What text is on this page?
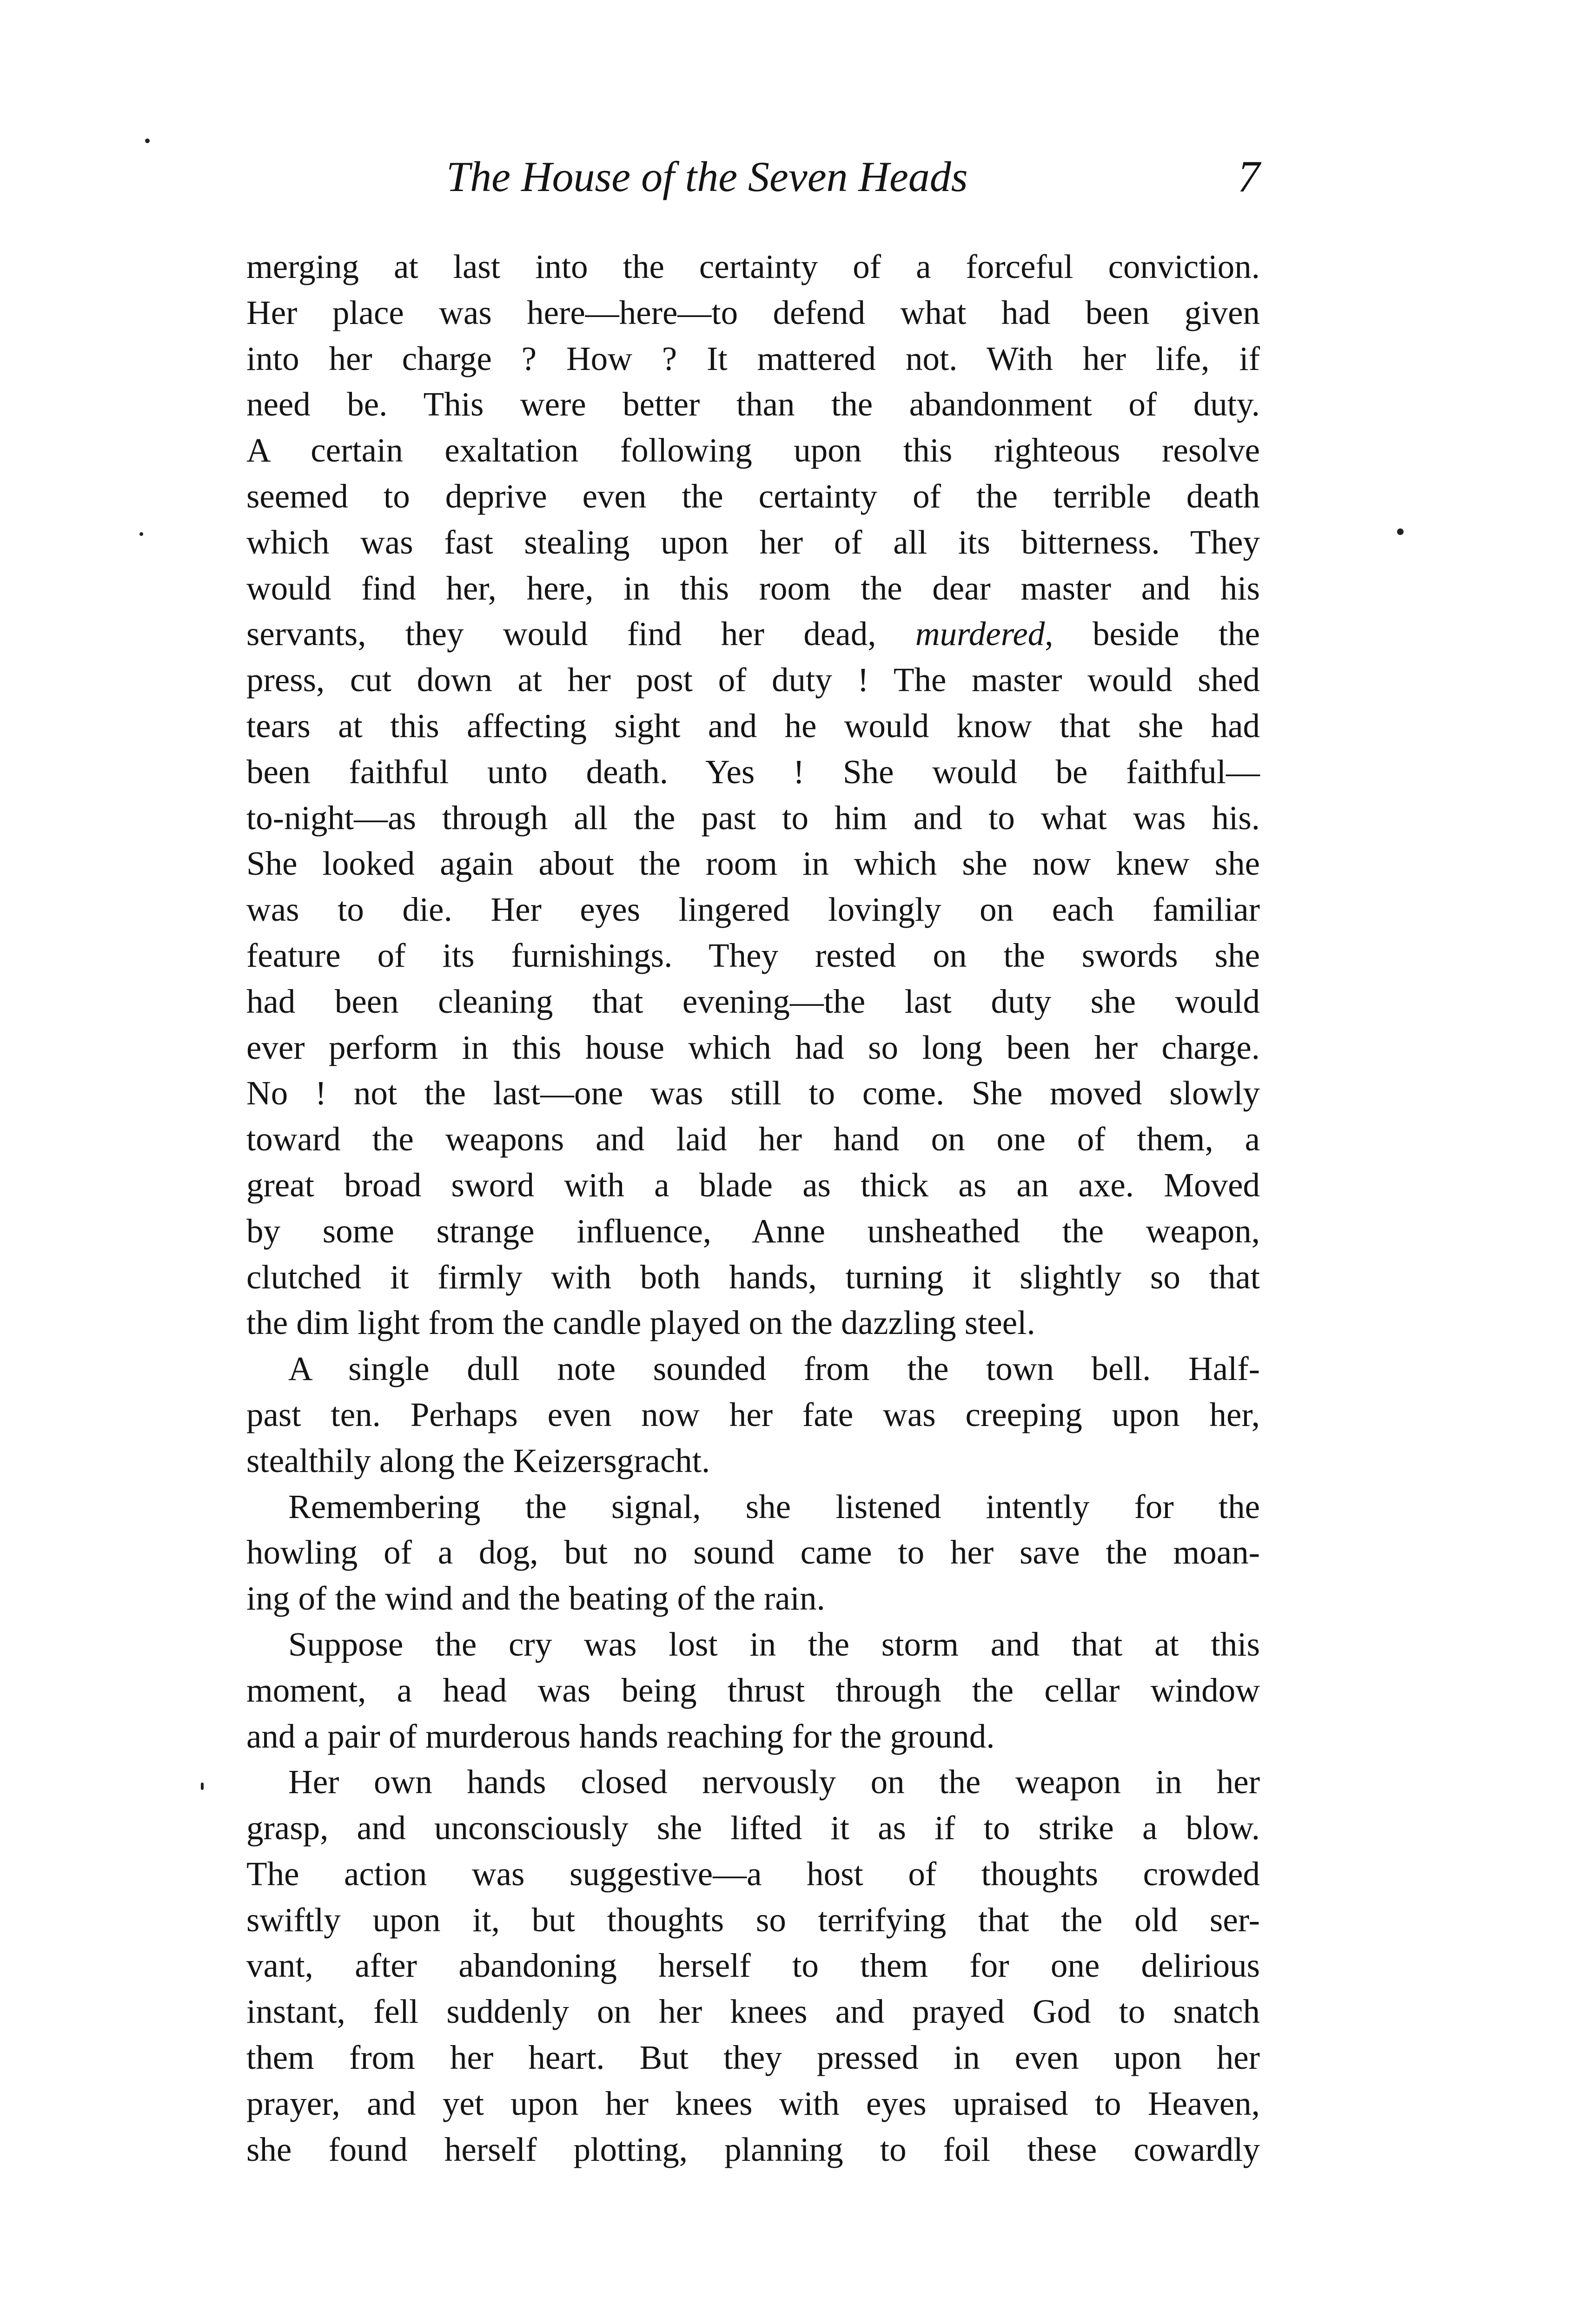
The House of the Seven Heads	7
merging at last into the certainty of a forceful conviction.
Her place was here—here—to defend what had been given
into her charge ? How ? It mattered not. With her life, if
need be. This were better than the abandonment of duty.
A certain exaltation following upon this righteous resolve
seemed to deprive even the certainty of the terrible death
which was fast stealing upon her of all its bitterness. They
would find her, here, in this room the dear master and his
servants, they would find her dead, murdered, beside the
press, cut down at her post of duty ! The master would shed
tears at this affecting sight and he would know that she had
been faithful unto death. Yes ! She would be faithful—
to-night—as through all the past to him and to what was his.
She looked again about the room in which she now knew she
was to die. Her eyes lingered lovingly on each familiar
feature of its furnishings. They rested on the swords she
had been cleaning that evening—the last duty she would
ever perform in this house which had so long been her charge.
No ! not the last—one was still to come. She moved slowly
toward the weapons and laid her hand on one of them, a
great broad sword with a blade as thick as an axe. Moved
by some strange influence, Anne unsheathed the weapon,
clutched it firmly with both hands, turning it slightly so that
the dim light from the candle played on the dazzling steel.
A single dull note sounded from the town bell. Half-
past ten. Perhaps even now her fate was creeping upon her,
stealthily along the Keizersgracht.
Remembering the signal, she listened intently for the
howling of a dog, but no sound came to her save the moan-
ing of the wind and the beating of the rain.
Suppose the cry was lost in the storm and that at this
moment, a head was being thrust through the cellar window
and a pair of murderous hands reaching for the ground.
Her own hands closed nervously on the weapon in her
grasp, and unconsciously she lifted it as if to strike a blow.
The action was suggestive—a host of thoughts crowded
swiftly upon it, but thoughts so terrifying that the old ser-
vant, after abandoning herself to them for one delirious
instant, fell suddenly on her knees and prayed God to snatch
them from her heart. But they pressed in even upon her
prayer, and yet upon her knees with eyes upraised to Heaven,
she found herself plotting, planning to foil these cowardly
